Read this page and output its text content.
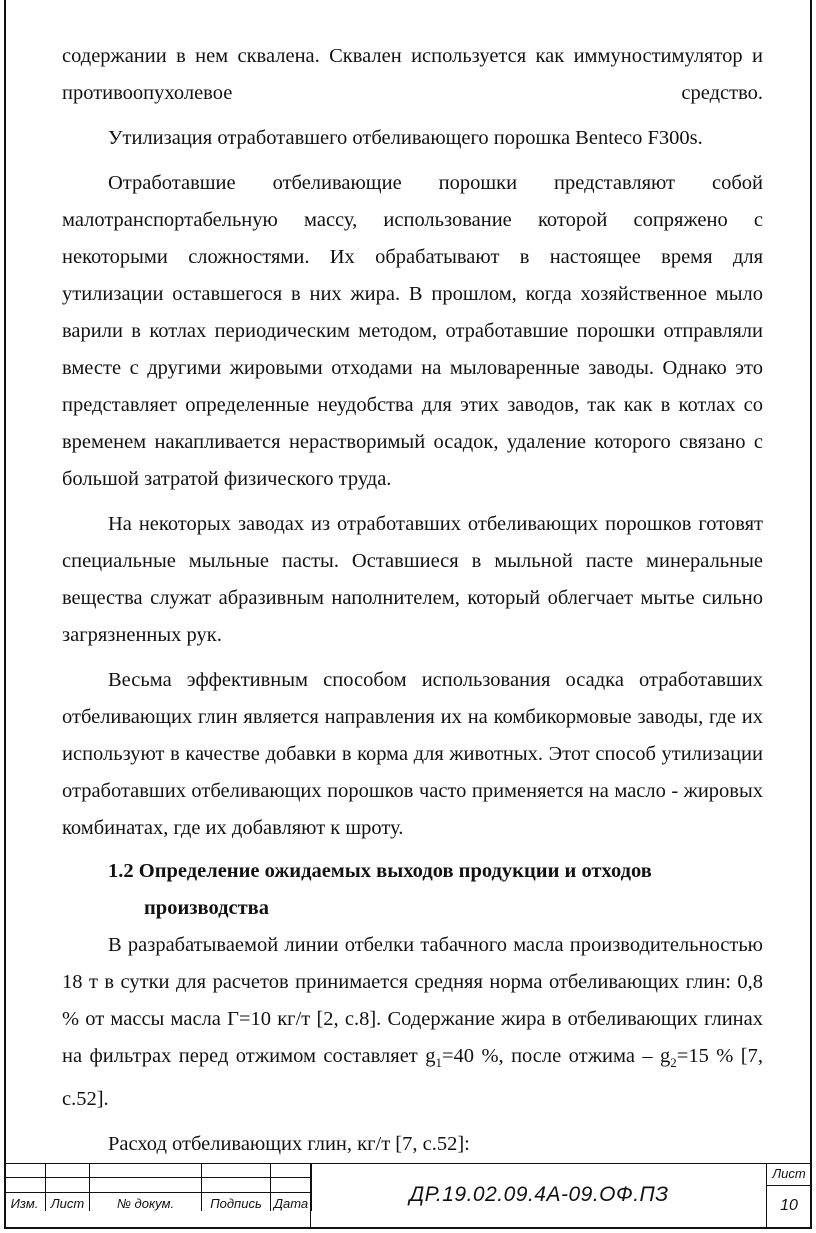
содержании в нем сквалена. Сквален используется как иммуностимулятор и противоопухолевое средство.

Утилизация отработавшего отбеливающего порошка Benteco F300s.

Отработавшие отбеливающие порошки представляют собой малотранспортабельную массу, использование которой сопряжено с некоторыми сложностями. Их обрабатывают в настоящее время для утилизации оставшегося в них жира. В прошлом, когда хозяйственное мыло варили в котлах периодическим методом, отработавшие порошки отправляли вместе с другими жировыми отходами на мыловаренные заводы. Однако это представляет определенные неудобства для этих заводов, так как в котлах со временем накапливается нерастворимый осадок, удаление которого связано с большой затратой физического труда.

На некоторых заводах из отработавших отбеливающих порошков готовят специальные мыльные пасты. Оставшиеся в мыльной пасте минеральные вещества служат абразивным наполнителем, который облегчает мытье сильно загрязненных рук.

Весьма эффективным способом использования осадка отработавших отбеливающих глин является направления их на комбикормовые заводы, где их используют в качестве добавки в корма для животных. Этот способ утилизации отработавших отбеливающих порошков часто применяется на масло - жировых комбинатах, где их добавляют к шроту.

1.2 Определение ожидаемых выходов продукции и отходов
производства

В разрабатываемой линии отбелки табачного масла производительностью 18 т в сутки для расчетов принимается средняя норма отбеливающих глин: 0,8 % от массы масла Г=10 кг/т [2, с.8]. Содержание жира в отбеливающих глинах на фильтрах перед отжимом составляет $g_1=40$ %, после отжима – $g_2=15$ % [7, с.52].

Расход отбеливающих глин, кг/т [7, с.52]:

Изм.	Лист	№ докум.	Подпись	Дата	ДР.19.02.09.4А-09.ОФ.ПЗ
Лист
10
